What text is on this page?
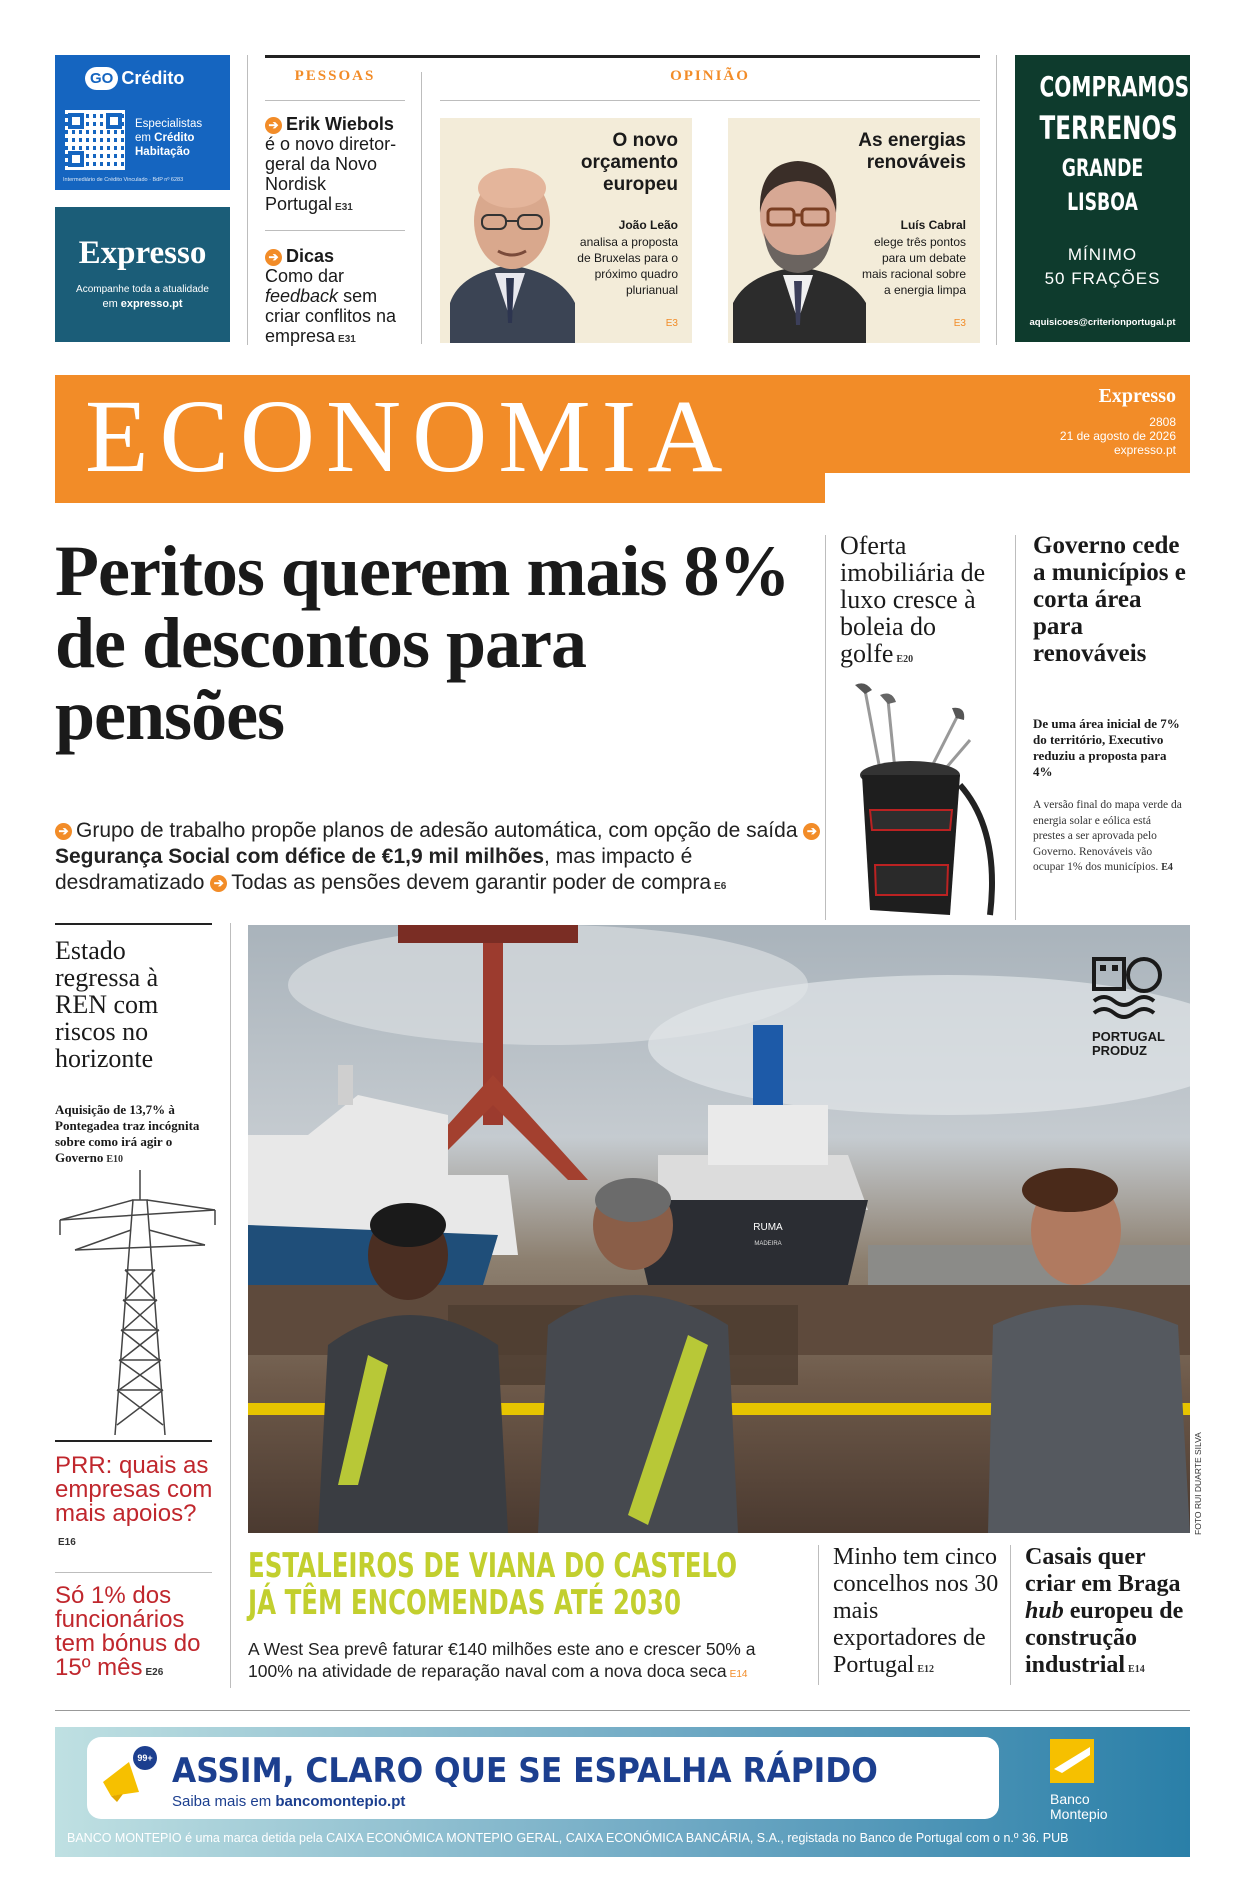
GO Crédito
Especialistas
em Crédito
Habitação
Intermediário de Crédito Vinculado · BdP nº 6283
Expresso
Acompanhe toda a atualidade
em expresso.pt
PESSOAS
➔ Erik Wiebols é o novo diretor-geral da Novo Nordisk Portugal E31
➔ Dicas
Como dar feedback sem criar conflitos na empresa E31
OPINIÃO
O novo orçamento europeu
João Leão
analisa a proposta de Bruxelas para o próximo quadro plurianual
E3
As energias renováveis
Luís Cabral
elege três pontos para um debate mais racional sobre a energia limpa
E3
COMPRAMOS
TERRENOS
GRANDE LISBOA
MÍNIMO
50 FRAÇÕES
aquisicoes@criterionportugal.pt
ECONOMIA	Expresso
2808
21 de agosto de 2026
expresso.pt
Peritos querem mais 8% de descontos para pensões
➔ Grupo de trabalho propõe planos de adesão automática, com opção de saída ➔Segurança Social com défice de €1,9 mil milhões, mas impacto é desdramatizado ➔ Todas as pensões devem garantir poder de compra E6
Oferta imobiliária de luxo cresce à boleia do golfe E20
Governo cede a municípios e corta área para renováveis
De uma área inicial de 7% do território, Executivo reduziu a proposta para 4%
A versão final do mapa verde da energia solar e eólica está prestes a ser aprovada pelo Governo. Renováveis vão ocupar 1% dos municípios. E4
Estado regressa à REN com riscos no horizonte
Aquisição de 13,7% à Pontegadea traz incógnita sobre como irá agir o Governo E10
PRR: quais as empresas com mais apoios?E16
Só 1% dos funcionários tem bónus do 15º mês E26
RUMA
MADEIRA
PORTUGAL
PRODUZ
FOTO RUI DUARTE SILVA
ESTALEIROS DE VIANA DO CASTELO
JÁ TÊM ENCOMENDAS ATÉ 2030
A West Sea prevê faturar €140 milhões este ano e crescer 50% a 100% na atividade de reparação naval com a nova doca seca E14
Minho tem cinco concelhos nos 30 mais exportadores de Portugal E12
Casais quer criar em Braga hub europeu de construção industrial E14
99+ ASSIM, CLARO QUE SE ESPALHA RÁPIDO
Saiba mais em bancomontepio.pt	Banco
Montepio
BANCO MONTEPIO é uma marca detida pela CAIXA ECONÓMICA MONTEPIO GERAL, CAIXA ECONÓMICA BANCÁRIA, S.A., registada no Banco de Portugal com o n.º 36. PUB
